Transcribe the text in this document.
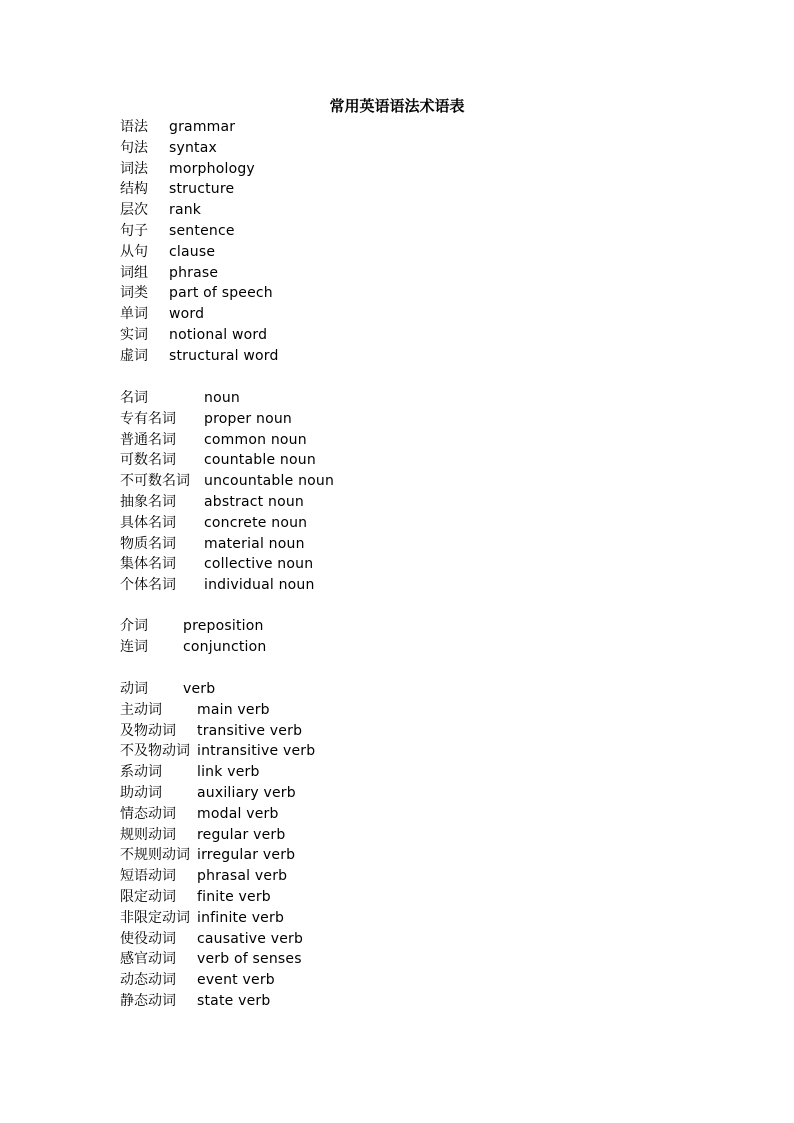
常用英语语法术语表
语法	grammar
句法	syntax
词法	morphology
结构	structure
层次	rank
句子	sentence
从句	clause
词组	phrase
词类	part of speech
单词	word
实词	notional word
虚词	structural word
名词	noun
专有名词	proper noun
普通名词	common noun
可数名词	countable noun
不可数名词	uncountable noun
抽象名词	abstract noun
具体名词	concrete noun
物质名词	material noun
集体名词	collective noun
个体名词	individual noun
介词	preposition
连词	conjunction
动词	verb
主动词	main verb
及物动词	transitive verb
不及物动词 intransitive verb
系动词	link verb
助动词	auxiliary verb
情态动词	modal verb
规则动词	regular verb
不规则动词 irregular verb
短语动词	phrasal verb
限定动词	finite verb
非限定动词 infinite verb
使役动词	causative verb
感官动词	verb of senses
动态动词	event verb
静态动词	state verb
